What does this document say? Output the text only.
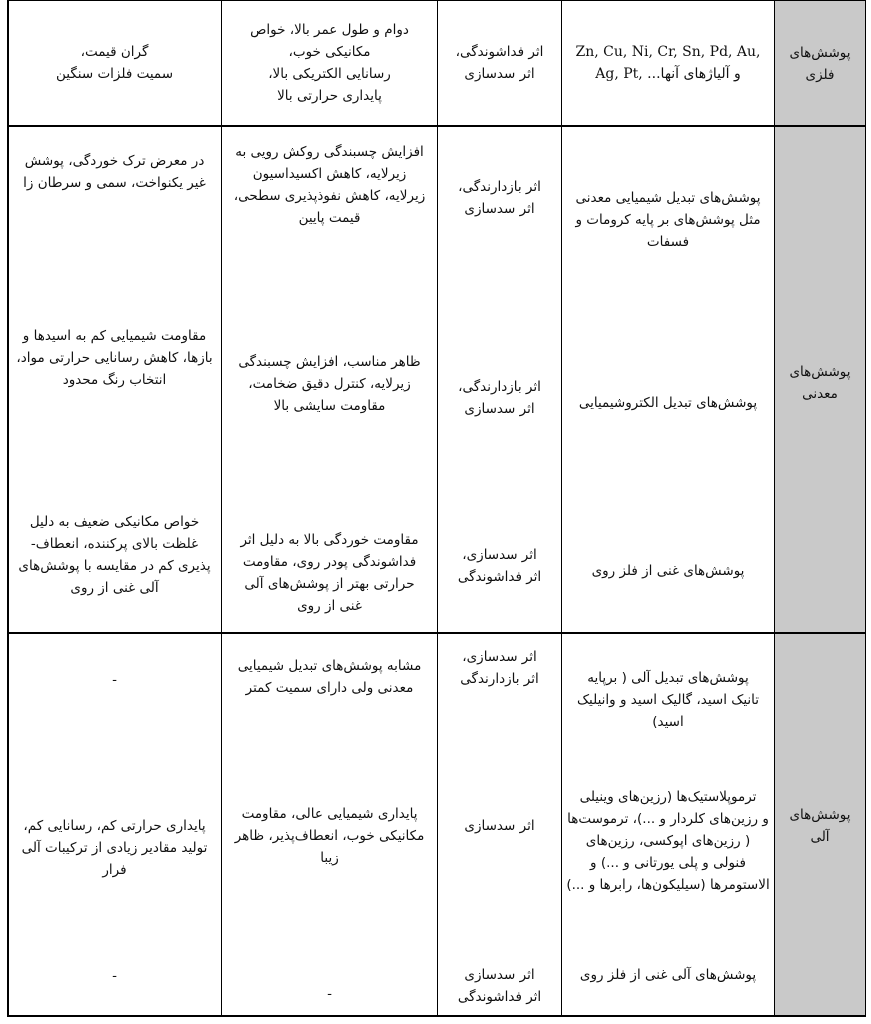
پوشش‌های
فلزی
پوشش‌های
معدنی
پوشش‌های
آلی
Zn, Cu, Ni, Cr, Sn, Pd, Au,
Ag, Pt, ...و آلیاژهای آنها
اثر فداشوندگی،
اثر سدسازی
دوام و طول عمر بالا، خواص
مکانیکی خوب،
رسانایی الکتریکی بالا،
پایداری حرارتی بالا
گران قیمت،
سمیت فلزات سنگین
پوشش‌های تبدیل شیمیایی معدنی
مثل پوشش‌های بر پایه کرومات و
فسفات
اثر بازدارندگی،
اثر سدسازی
افزایش چسبندگی روکش رویی به
زیرلایه، کاهش اکسیداسیون
زیرلایه، کاهش نفوذپذیری سطحی،
قیمت پایین
در معرض ترک خوردگی، پوشش
غیر یکنواخت، سمی و سرطان زا
پوشش‌های تبدیل الکتروشیمیایی
اثر بازدارندگی،
اثر سدسازی
ظاهر مناسب، افزایش چسبندگی
زیرلایه، کنترل دقیق ضخامت،
مقاومت سایشی بالا
مقاومت شیمیایی کم به اسیدها و
بازها، کاهش رسانایی حرارتی مواد،
انتخاب رنگ محدود
پوشش‌های غنی از فلز روی
اثر سدسازی،
اثر فداشوندگی
مقاومت خوردگی بالا به دلیل اثر
فداشوندگی پودر روی، مقاومت
حرارتی بهتر از پوشش‌های آلی
غنی از روی
خواص مکانیکی ضعیف به دلیل
غلظت بالای پرکننده، انعطاف-
پذیری کم در مقایسه با پوشش‌های
آلی غنی از روی
پوشش‌های تبدیل آلی ( برپایه
تانیک اسید، گالیک اسید و وانیلیک
اسید)
اثر سدسازی،
اثر بازدارندگی
مشابه پوشش‌های تبدیل شیمیایی
معدنی ولی دارای سمیت کمتر
-
ترموپلاستیک‌ها (رزین‌های وینیلی
و رزین‌های کلردار و ...)، ترموست‌ها
( رزین‌های اپوکسی، رزین‌های
فنولی و پلی یورتانی و ...) و
الاستومرها (سیلیکون‌ها، رابرها و ...)
اثر سدسازی
پایداری شیمیایی عالی، مقاومت
مکانیکی خوب، انعطاف‌پذیر، ظاهر
زیبا
پایداری حرارتی کم، رسانایی کم،
تولید مقادیر زیادی از ترکیبات آلی
فرار
پوشش‌های آلی غنی از فلز روی
اثر سدسازی
اثر فداشوندگی
-
-
